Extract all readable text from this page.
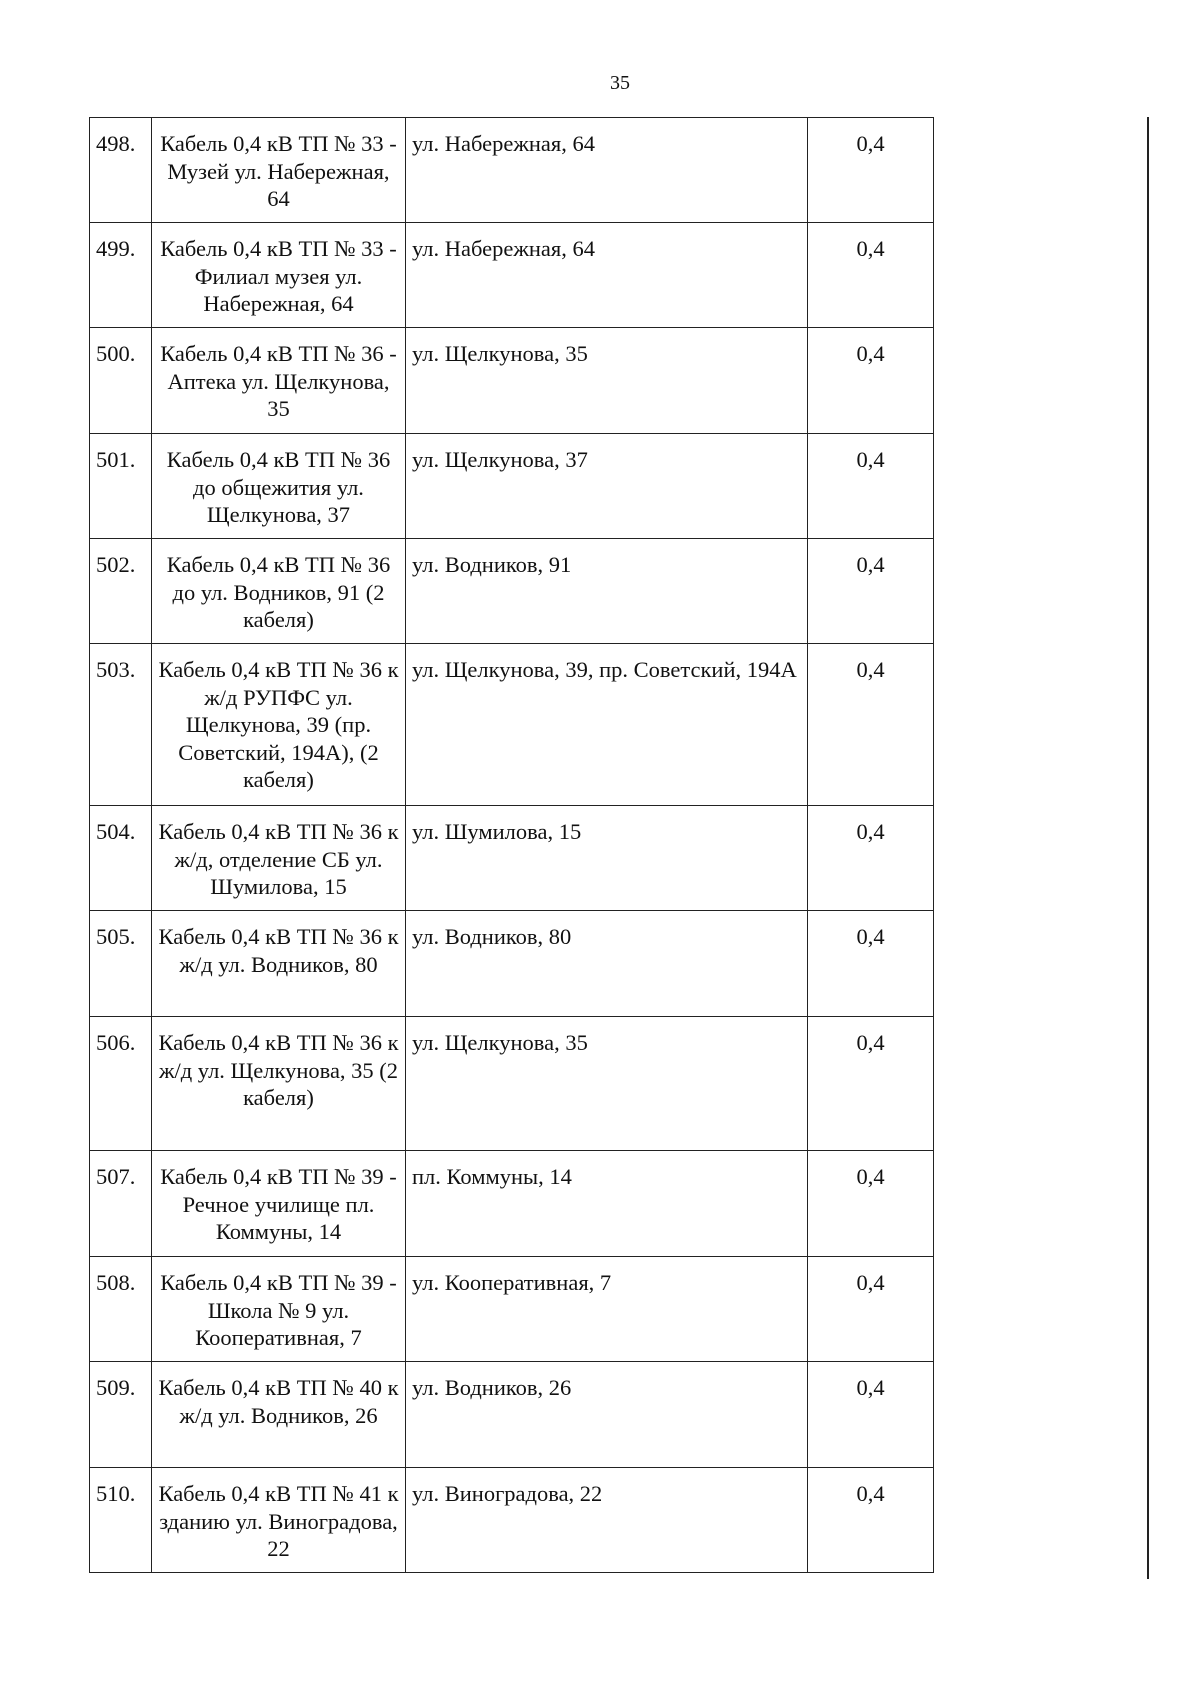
35
498.	Кабель 0,4 кВ ТП № 33 - Музей ул. Набережная, 64	ул. Набережная, 64	0,4
499.	Кабель 0,4 кВ ТП № 33 - Филиал музея ул. Набережная, 64	ул. Набережная, 64	0,4
500.	Кабель 0,4 кВ ТП № 36 - Аптека ул. Щелкунова, 35	ул. Щелкунова, 35	0,4
501.	Кабель 0,4 кВ ТП № 36 до общежития ул. Щелкунова, 37	ул. Щелкунова, 37	0,4
502.	Кабель 0,4 кВ ТП № 36 до ул. Водников, 91 (2 кабеля)	ул. Водников, 91	0,4
503.	Кабель 0,4 кВ ТП № 36 к ж/д РУПФС ул. Щелкунова, 39 (пр. Советский, 194А), (2 кабеля)	ул. Щелкунова, 39, пр. Советский, 194А	0,4
504.	Кабель 0,4 кВ ТП № 36 к ж/д, отделение СБ ул. Шумилова, 15	ул. Шумилова, 15	0,4
505.	Кабель 0,4 кВ ТП № 36 к ж/д ул. Водников, 80	ул. Водников, 80	0,4
506.	Кабель 0,4 кВ ТП № 36 к ж/д ул. Щелкунова, 35 (2 кабеля)	ул. Щелкунова, 35	0,4
507.	Кабель 0,4 кВ ТП № 39 - Речное училище пл. Коммуны, 14	пл. Коммуны, 14	0,4
508.	Кабель 0,4 кВ ТП № 39 - Школа № 9 ул. Кооперативная, 7	ул. Кооперативная, 7	0,4
509.	Кабель 0,4 кВ ТП № 40 к ж/д ул. Водников, 26	ул. Водников, 26	0,4
510.	Кабель 0,4 кВ ТП № 41 к зданию ул. Виноградова, 22	ул. Виноградова, 22	0,4
